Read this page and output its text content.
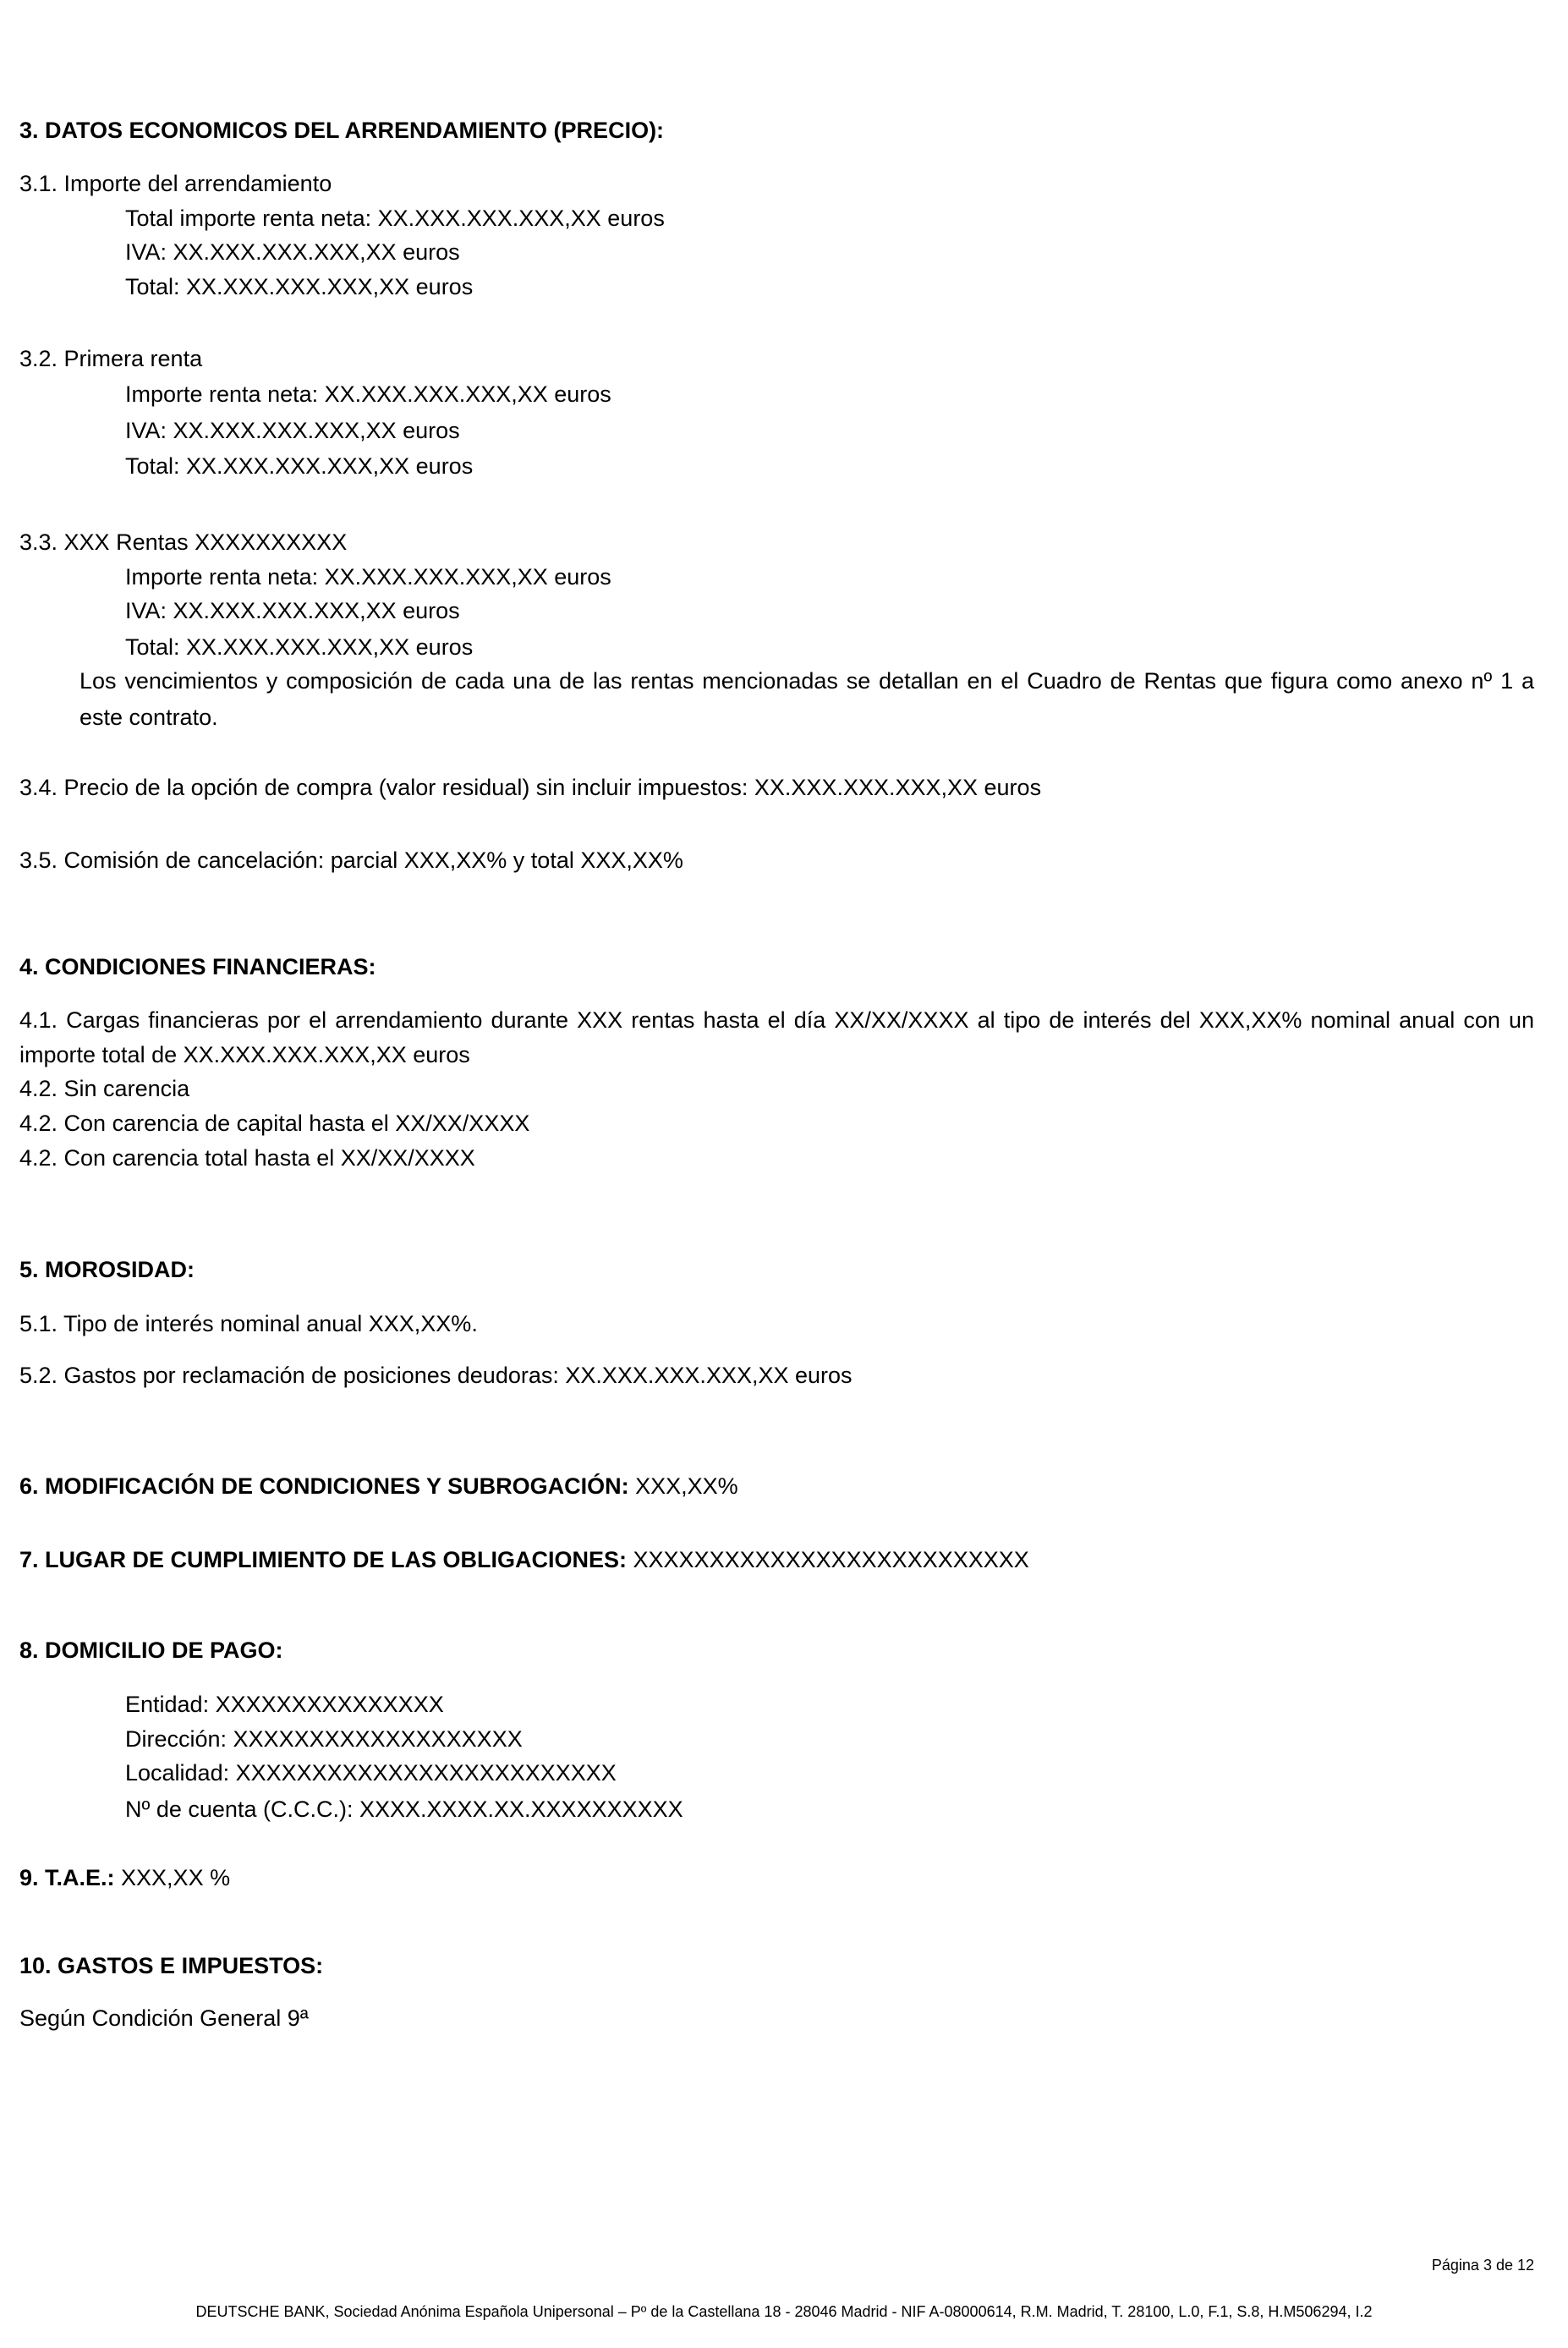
3. DATOS ECONOMICOS DEL ARRENDAMIENTO (PRECIO):
3.1. Importe del arrendamiento
Total importe renta neta: XX.XXX.XXX.XXX,XX euros
IVA: XX.XXX.XXX.XXX,XX euros
Total: XX.XXX.XXX.XXX,XX euros
3.2. Primera renta
Importe renta neta: XX.XXX.XXX.XXX,XX euros
IVA: XX.XXX.XXX.XXX,XX euros
Total: XX.XXX.XXX.XXX,XX euros
3.3. XXX Rentas XXXXXXXXXX
Importe renta neta: XX.XXX.XXX.XXX,XX euros
IVA: XX.XXX.XXX.XXX,XX euros
Total: XX.XXX.XXX.XXX,XX euros
Los vencimientos y composición de cada una de las rentas mencionadas se detallan en el Cuadro de Rentas que figura como anexo nº 1 a este contrato.
3.4. Precio de la opción de compra (valor residual) sin incluir impuestos: XX.XXX.XXX.XXX,XX euros
3.5. Comisión de cancelación: parcial XXX,XX% y total XXX,XX%
4. CONDICIONES FINANCIERAS:
4.1. Cargas financieras por el arrendamiento durante XXX rentas hasta el día XX/XX/XXXX al tipo de interés del XXX,XX% nominal anual con un importe total de XX.XXX.XXX.XXX,XX euros
4.2. Sin carencia
4.2. Con carencia de capital hasta el XX/XX/XXXX
4.2. Con carencia total hasta el XX/XX/XXXX
5. MOROSIDAD:
5.1. Tipo de interés nominal anual XXX,XX%.
5.2. Gastos por reclamación de posiciones deudoras: XX.XXX.XXX.XXX,XX euros
6. MODIFICACIÓN DE CONDICIONES Y SUBROGACIÓN: XXX,XX%
7. LUGAR DE CUMPLIMIENTO DE LAS OBLIGACIONES: XXXXXXXXXXXXXXXXXXXXXXXXXX
8. DOMICILIO DE PAGO:
Entidad: XXXXXXXXXXXXXXX
Dirección: XXXXXXXXXXXXXXXXXXX
Localidad: XXXXXXXXXXXXXXXXXXXXXXXXX
Nº de cuenta (C.C.C.): XXXX.XXXX.XX.XXXXXXXXXX
9. T.A.E.: XXX,XX %
10. GASTOS E IMPUESTOS:
Según Condición General 9ª
Página 3 de 12
DEUTSCHE BANK, Sociedad Anónima Española Unipersonal – Pº de la Castellana 18 - 28046 Madrid - NIF A-08000614, R.M. Madrid, T. 28100, L.0, F.1, S.8, H.M506294, I.2
